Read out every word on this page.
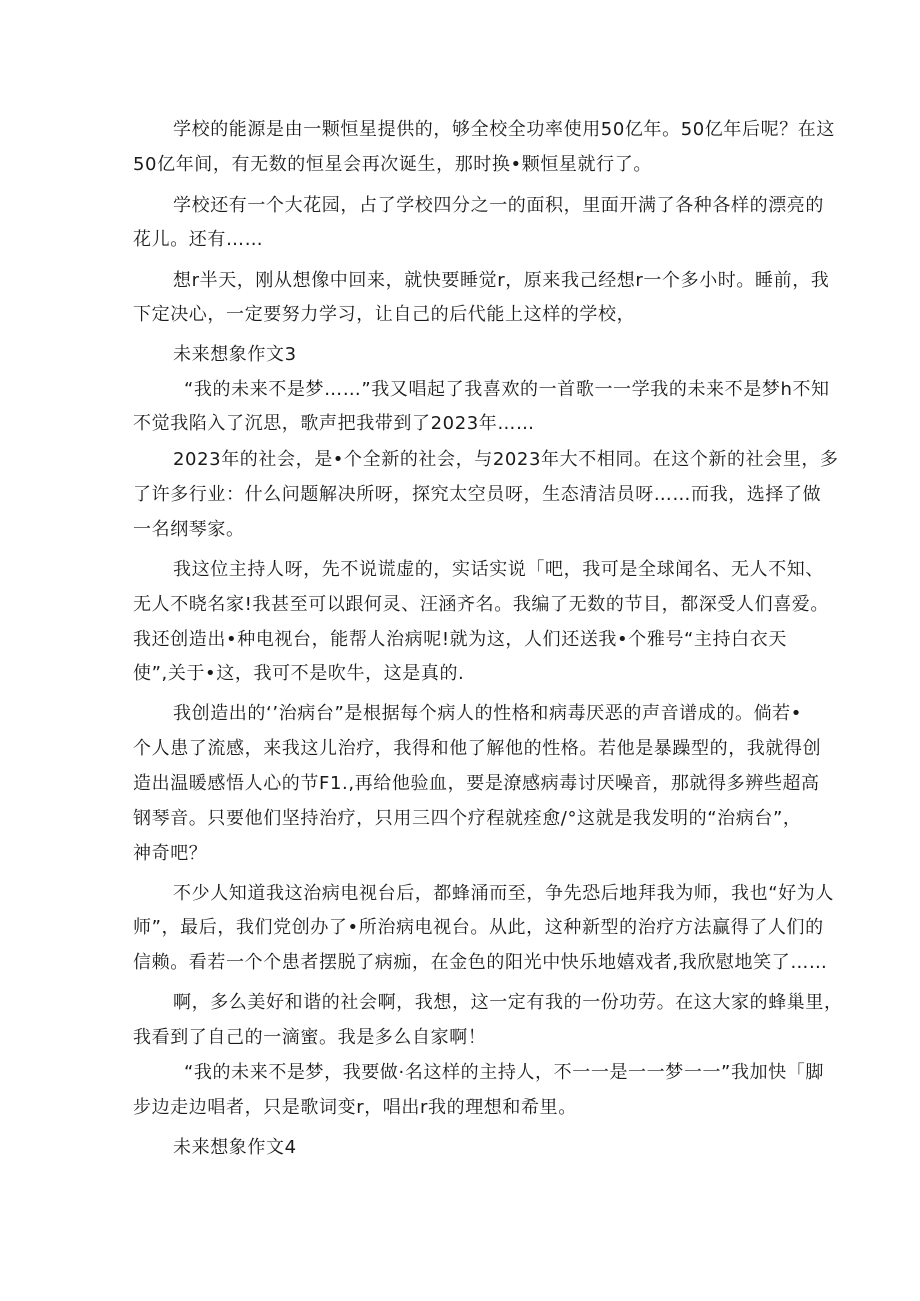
学校的能源是由一颗恒星提供的，够全校全功率使用50亿年。50亿年后呢？在这
50亿年间，有无数的恒星会再次诞生，那时换•颗恒星就行了。
学校还有一个大花园，占了学校四分之一的面积，里面开满了各种各样的漂亮的
花儿。还有……
想r半天，刚从想像中回来，就快要睡觉r，原来我己经想r一个多小时。睡前，我
下定决心，一定要努力学习，让自己的后代能上这样的学校，
未来想象作文3
“我的未来不是梦……”我又唱起了我喜欢的一首歌一一学我的未来不是梦h不知
不觉我陷入了沉思，歌声把我带到了2023年……
2023年的社会，是•个全新的社会，与2023年大不相同。在这个新的社会里，多
了许多行业：什么问题解决所呀，探究太空员呀，生态清洁员呀……而我，选择了做
一名纲琴家。
我这位主持人呀，先不说谎虚的，实话实说「吧，我可是全球闻名、无人不知、
无人不晓名家!我甚至可以跟何灵、汪涵齐名。我编了无数的节目，都深受人们喜爱。
我还创造出•种电视台，能帮人治病呢!就为这，人们还送我•个雅号“主持白衣天
使”,关于•这，我可不是吹牛，这是真的.
我创造出的‘’治病台”是根据每个病人的性格和病毒厌恶的声音谱成的。倘若•
个人患了流感，来我这儿治疗，我得和他了解他的性格。若他是暴躁型的，我就得创
造出温暖感悟人心的节F1.,再给他验血，要是潦感病毒讨厌噪音，那就得多辨些超高
钢琴音。只要他们坚持治疗，只用三四个疗程就痊愈/°这就是我发明的“治病台”，
神奇吧？
不少人知道我这治病电视台后，都蜂涌而至，争先恐后地拜我为师，我也“好为人
师”，最后，我们党创办了•所治病电视台。从此，这种新型的治疗方法赢得了人们的
信赖。看若一个个患者摆脱了病痂，在金色的阳光中快乐地嬉戏者,我欣慰地笑了……
啊，多么美好和谐的社会啊，我想，这一定有我的一份功劳。在这大家的蜂巢里，
我看到了自己的一滴蜜。我是多么自家啊！
“我的未来不是梦，我要做·名这样的主持人，不一一是一一梦一一”我加快「脚
步边走边唱者，只是歌词变r，唱出r我的理想和希里。
未来想象作文4
